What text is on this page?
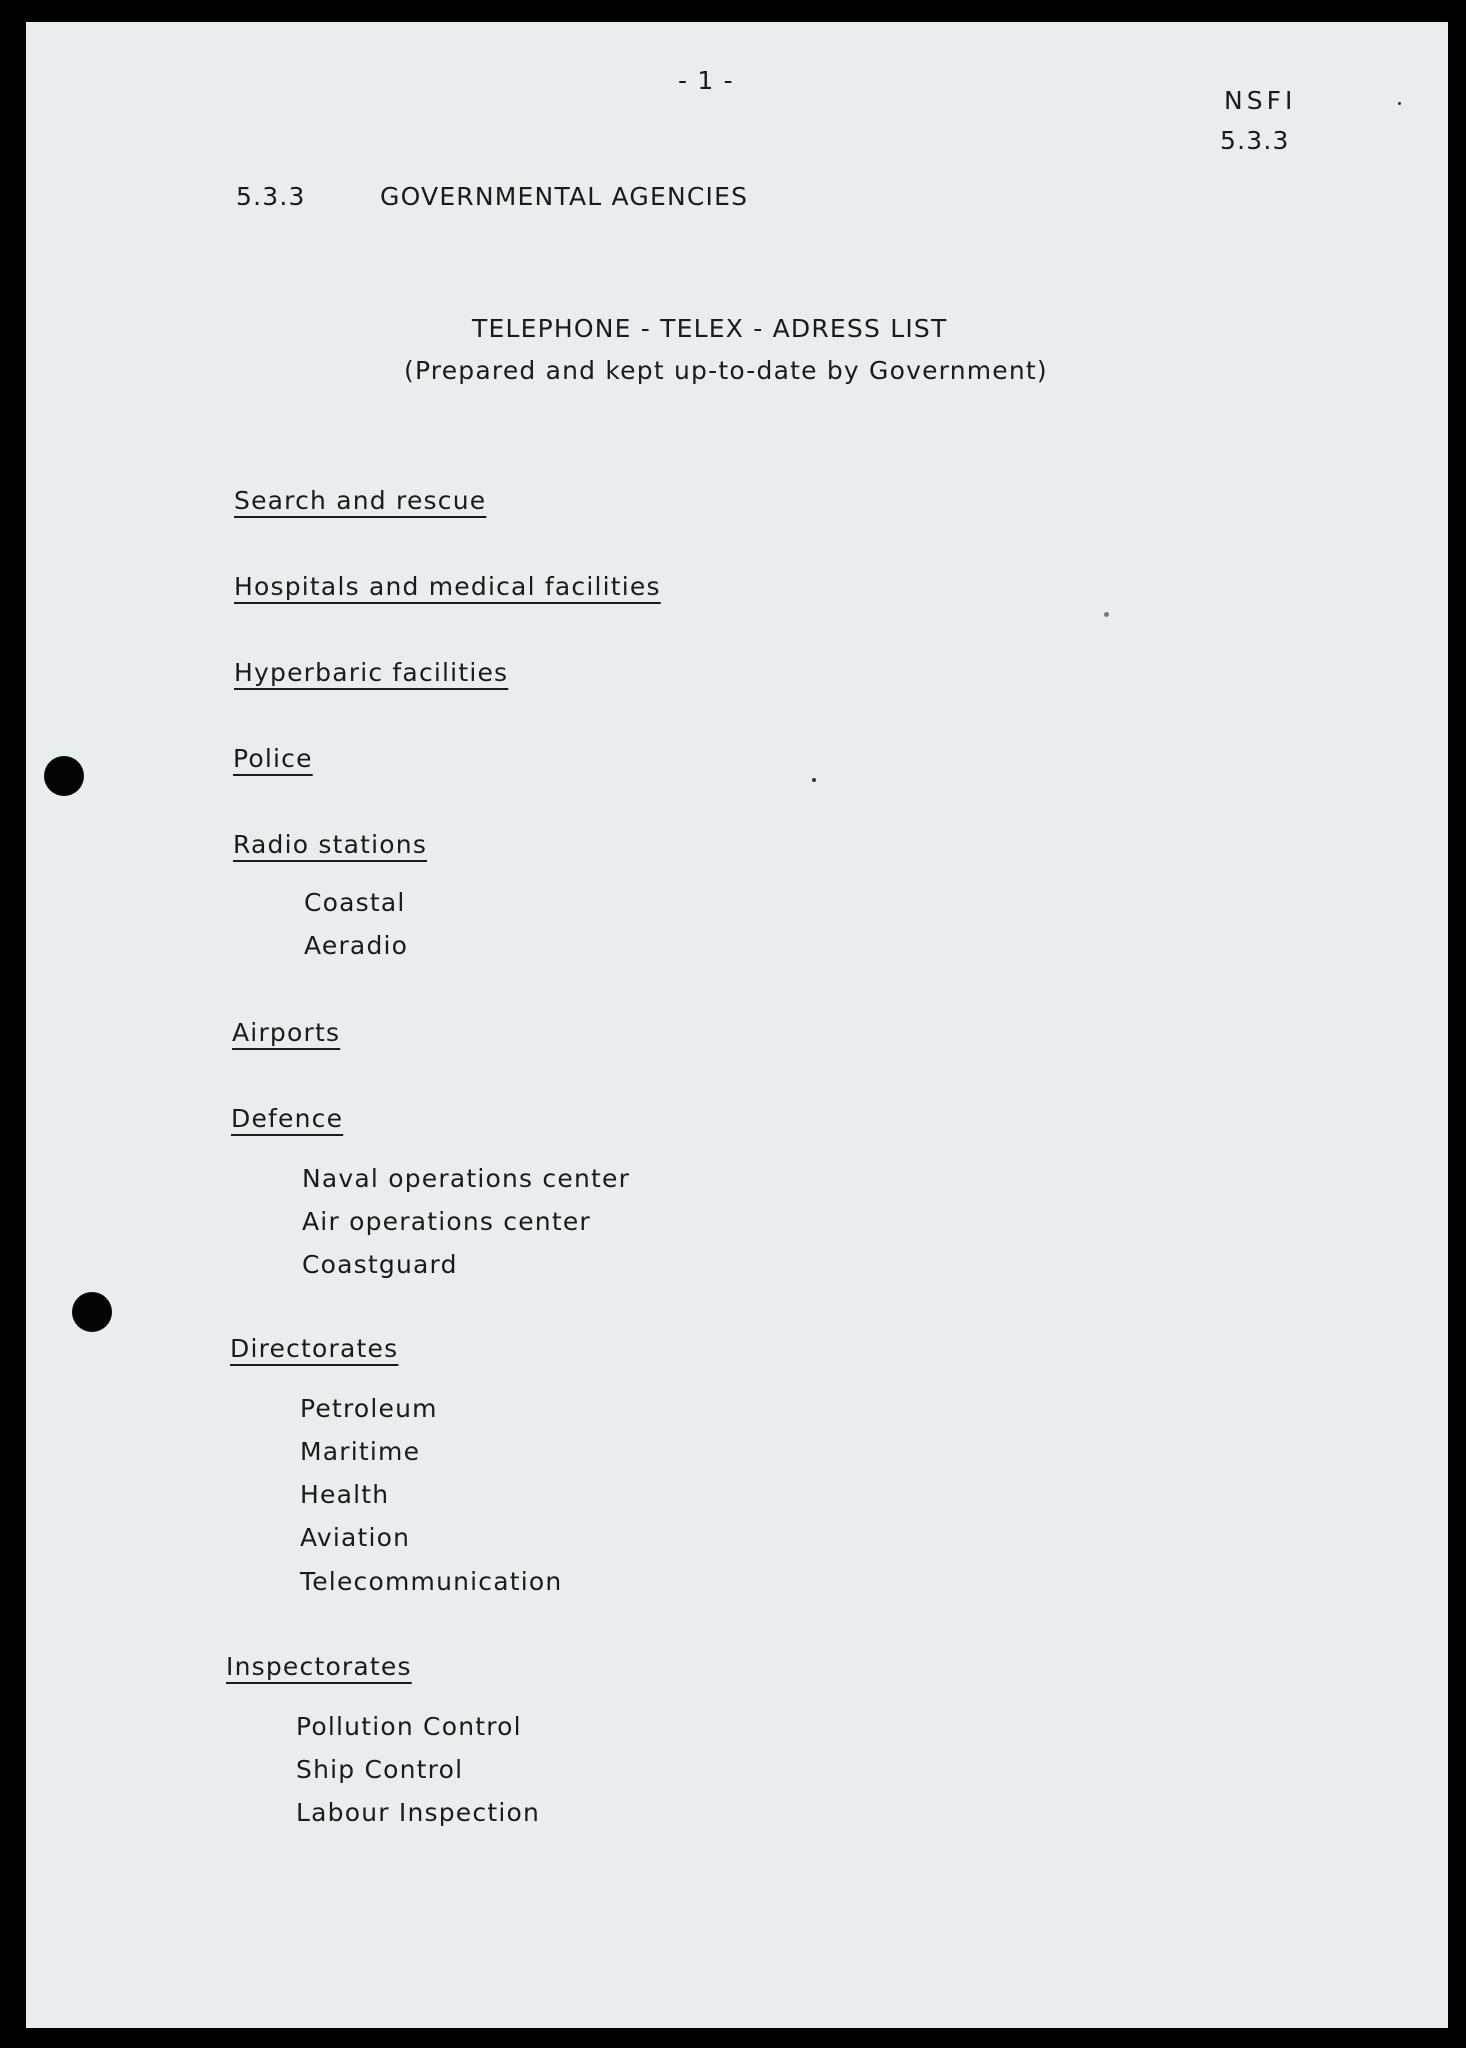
- 1 -
NSFI
5.3.3
5.3.3	GOVERNMENTAL AGENCIES
TELEPHONE - TELEX - ADRESS LIST
(Prepared and kept up-to-date by Government)
Search and rescue
Hospitals and medical facilities
Hyperbaric facilities
Police
Radio stations
Coastal
Aeradio
Airports
Defence
Naval operations center
Air operations center
Coastguard
Directorates
Petroleum
Maritime
Health
Aviation
Telecommunication
Inspectorates
Pollution Control
Ship Control
Labour Inspection
